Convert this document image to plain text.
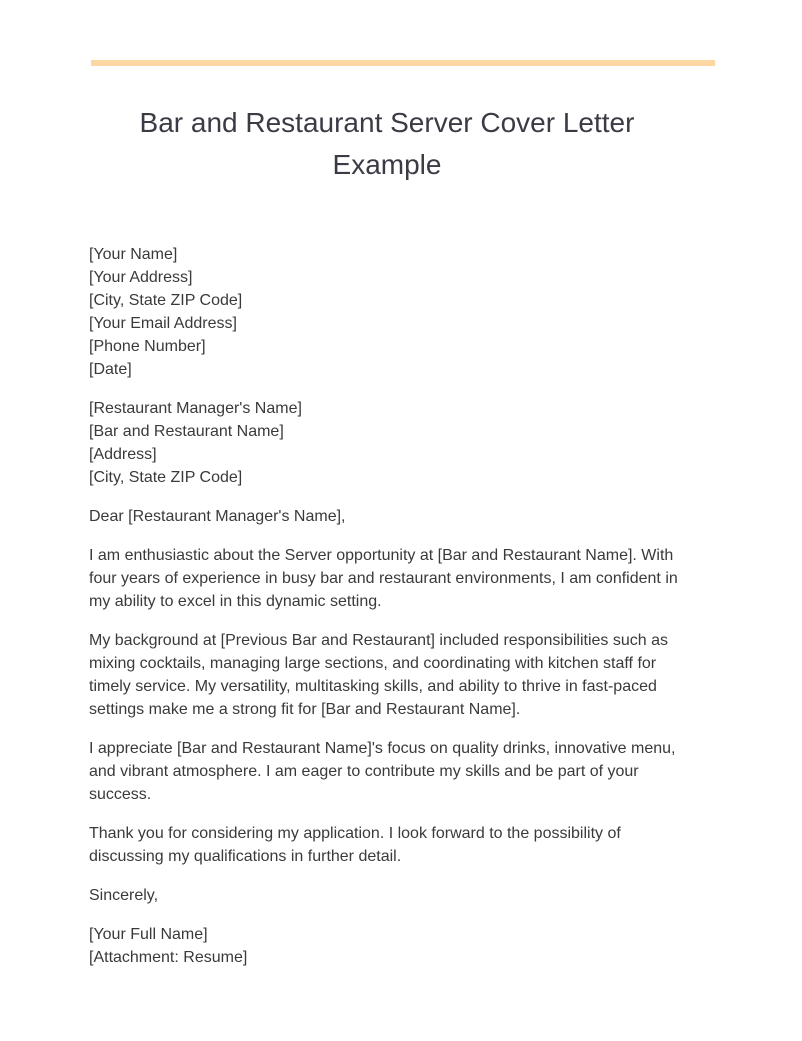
Bar and Restaurant Server Cover Letter Example
[Your Name]
[Your Address]
[City, State ZIP Code]
[Your Email Address]
[Phone Number]
[Date]
[Restaurant Manager's Name]
[Bar and Restaurant Name]
[Address]
[City, State ZIP Code]

Dear [Restaurant Manager's Name],

I am enthusiastic about the Server opportunity at [Bar and Restaurant Name]. With four years of experience in busy bar and restaurant environments, I am confident in my ability to excel in this dynamic setting.

My background at [Previous Bar and Restaurant] included responsibilities such as mixing cocktails, managing large sections, and coordinating with kitchen staff for timely service. My versatility, multitasking skills, and ability to thrive in fast-paced settings make me a strong fit for [Bar and Restaurant Name].

I appreciate [Bar and Restaurant Name]'s focus on quality drinks, innovative menu, and vibrant atmosphere. I am eager to contribute my skills and be part of your success.

Thank you for considering my application. I look forward to the possibility of discussing my qualifications in further detail.

Sincerely,

[Your Full Name]
[Attachment: Resume]
